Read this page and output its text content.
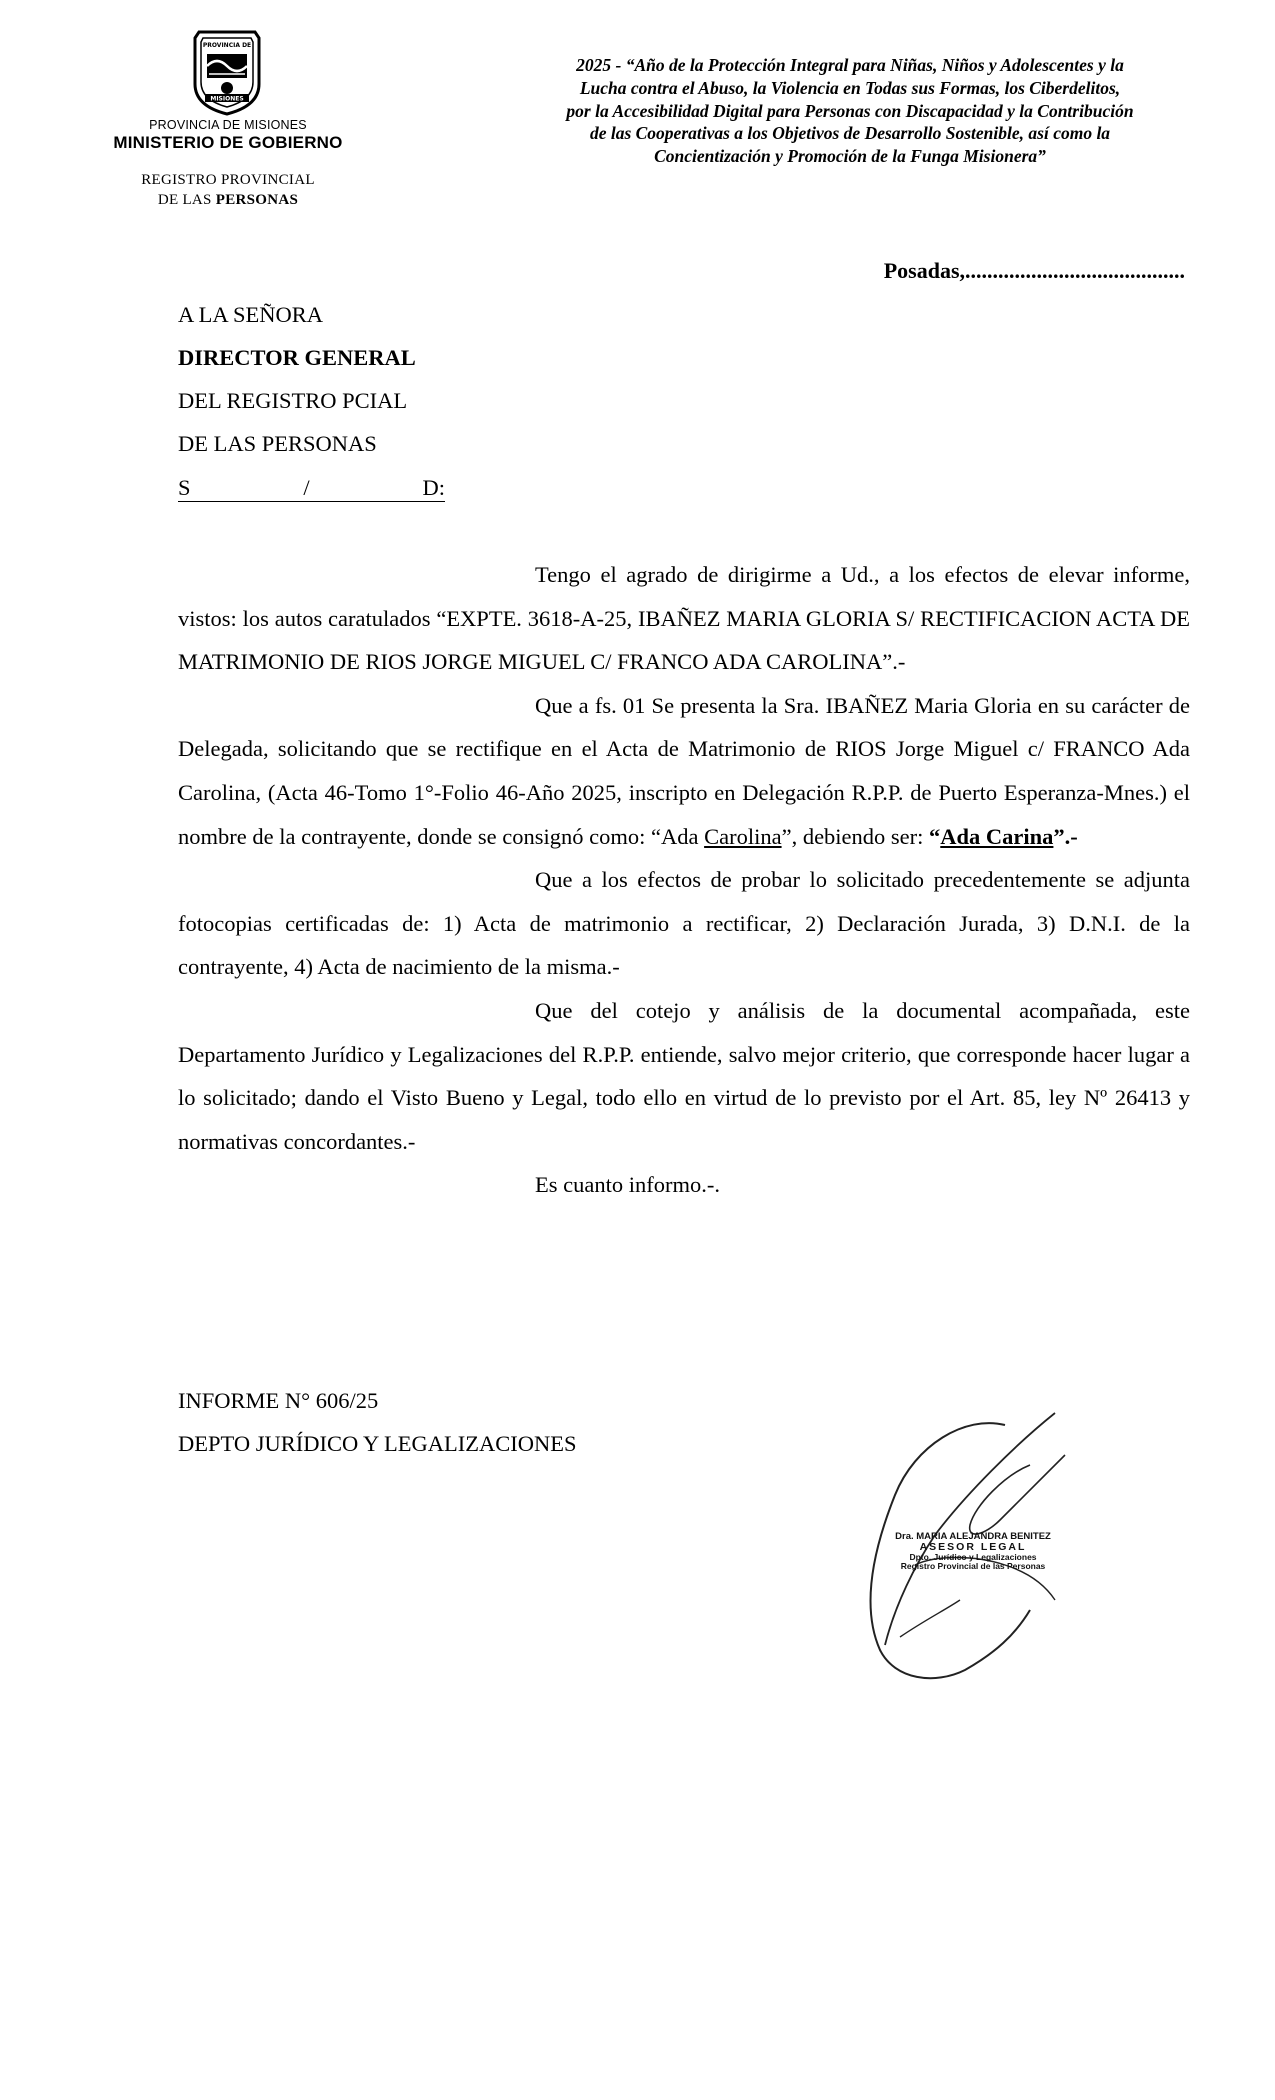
PROVINCIA DE
MISIONES
PROVINCIA DE MISIONES
MINISTERIO DE GOBIERNO
REGISTRO PROVINCIAL
DE LAS PERSONAS
2025 - “Año de la Protección Integral para Niñas, Niños y Adolescentes y la
Lucha contra el Abuso, la Violencia en Todas sus Formas, los Ciberdelitos,
por la Accesibilidad Digital para Personas con Discapacidad y la Contribución
de las Cooperativas a los Objetivos de Desarrollo Sostenible, así como la
Concientización y Promoción de la Funga Misionera”
Posadas,........................................
A LA SEÑORA
DIRECTOR GENERAL
DEL REGISTRO PCIAL
DE LAS PERSONAS
S	/	D:

Tengo el agrado de dirigirme a Ud., a los efectos de elevar informe, vistos: los autos caratulados “EXPTE. 3618-A-25, IBAÑEZ MARIA GLORIA S/ RECTIFICACION ACTA DE MATRIMONIO DE RIOS JORGE MIGUEL C/ FRANCO ADA CAROLINA”.-

Que a fs. 01 Se presenta la Sra. IBAÑEZ Maria Gloria en su carácter de Delegada, solicitando que se rectifique en el Acta de Matrimonio de RIOS Jorge Miguel c/ FRANCO Ada Carolina, (Acta 46-Tomo 1°-Folio 46-Año 2025, inscripto en Delegación R.P.P. de Puerto Esperanza-Mnes.) el nombre de la contrayente, donde se consignó como: “Ada Carolina”, debiendo ser: “Ada Carina”.-

Que a los efectos de probar lo solicitado precedentemente se adjunta fotocopias certificadas de: 1) Acta de matrimonio a rectificar, 2) Declaración Jurada, 3) D.N.I. de la contrayente, 4) Acta de nacimiento de la misma.-

Que del cotejo y análisis de la documental acompañada, este Departamento Jurídico y Legalizaciones del R.P.P. entiende, salvo mejor criterio, que corresponde hacer lugar a lo solicitado; dando el Visto Bueno y Legal, todo ello en virtud de lo previsto por el Art. 85, ley Nº 26413 y normativas concordantes.-

Es cuanto informo.-.

INFORME N° 606/25
DEPTO JURÍDICO Y LEGALIZACIONES
Dra. MARIA ALEJANDRA BENITEZ
ASESOR LEGAL
Dpto. Jurídico y Legalizaciones
Registro Provincial de las Personas
